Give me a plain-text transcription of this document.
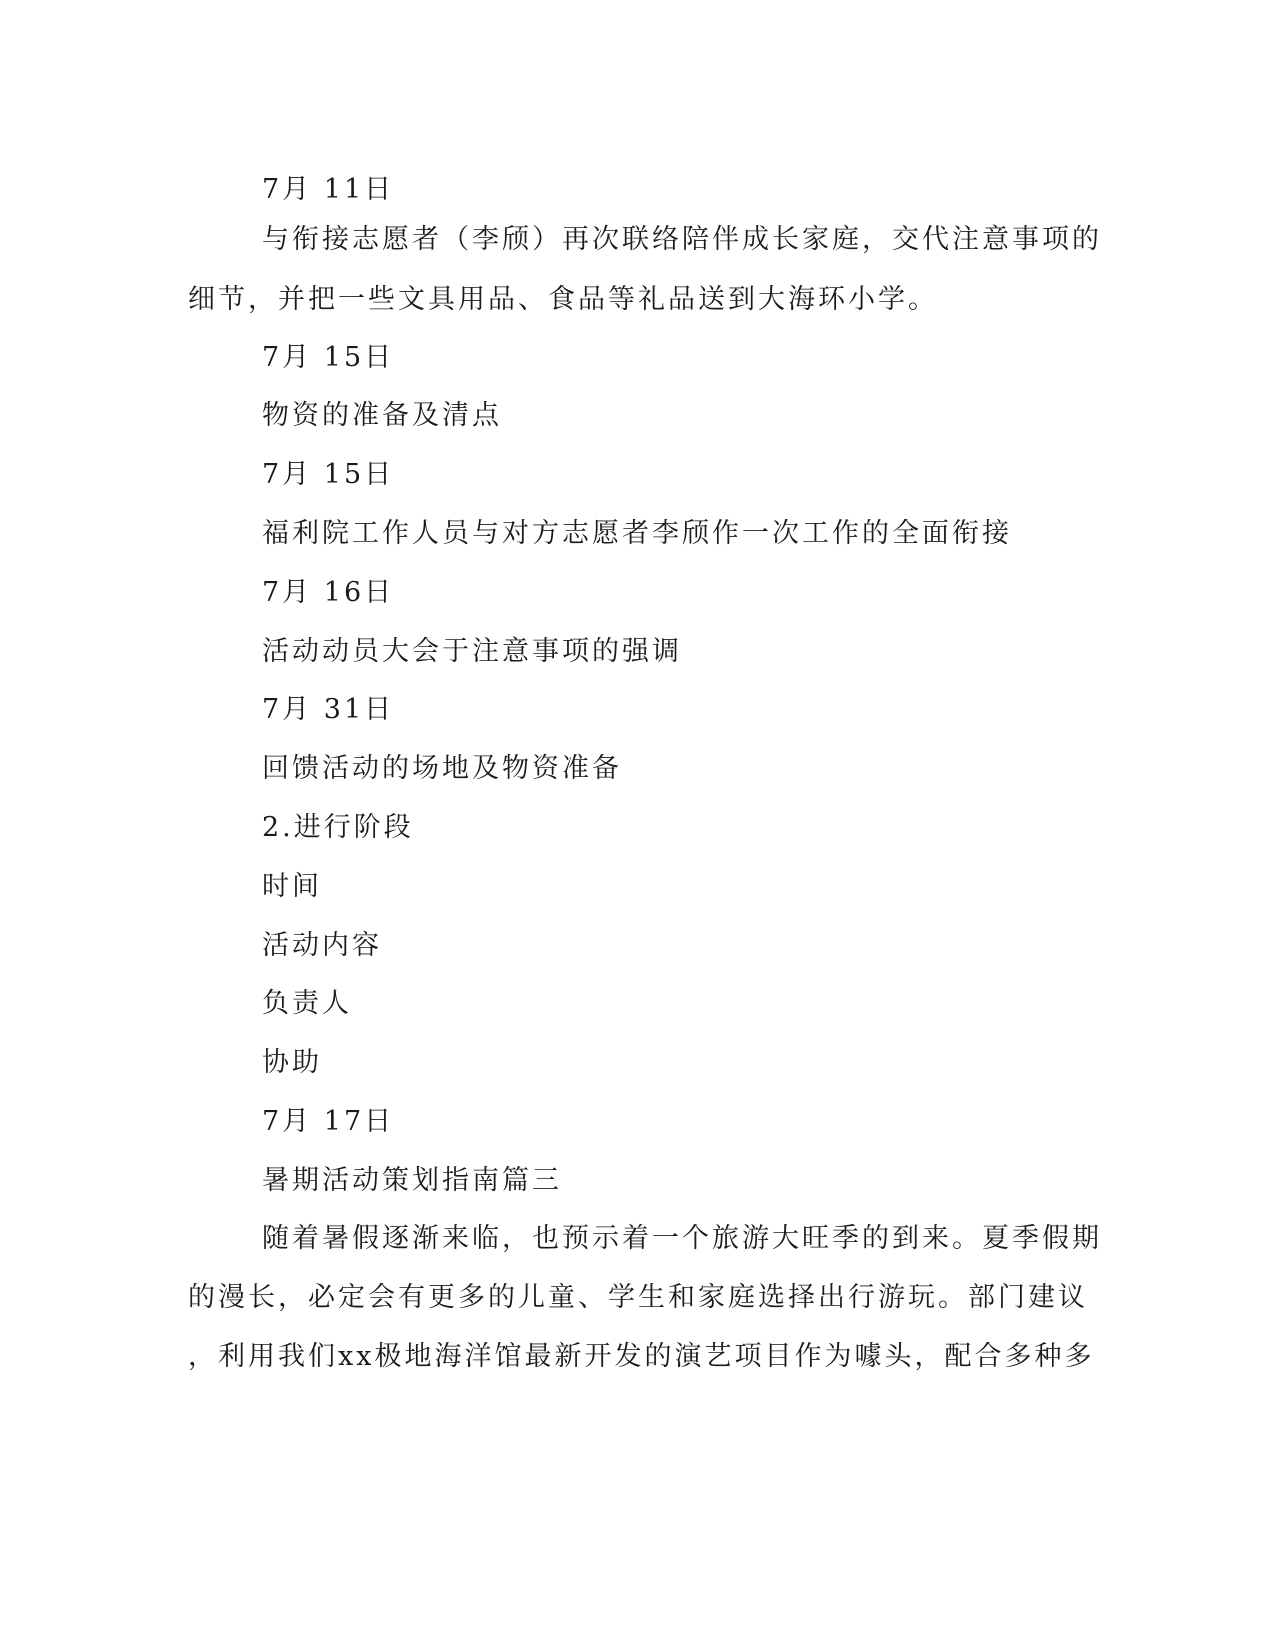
7月 11日
与衔接志愿者（李颀）再次联络陪伴成长家庭，交代注意事项的
细节，并把一些文具用品、食品等礼品送到大海环小学。
7月 15日
物资的准备及清点
7月 15日
福利院工作人员与对方志愿者李颀作一次工作的全面衔接
7月 16日
活动动员大会于注意事项的强调
7月 31日
回馈活动的场地及物资准备
2.进行阶段
时间
活动内容
负责人
协助
7月 17日
暑期活动策划指南篇三
随着暑假逐渐来临，也预示着一个旅游大旺季的到来。夏季假期
的漫长，必定会有更多的儿童、学生和家庭选择出行游玩。部门建议
，利用我们xx极地海洋馆最新开发的演艺项目作为噱头，配合多种多
